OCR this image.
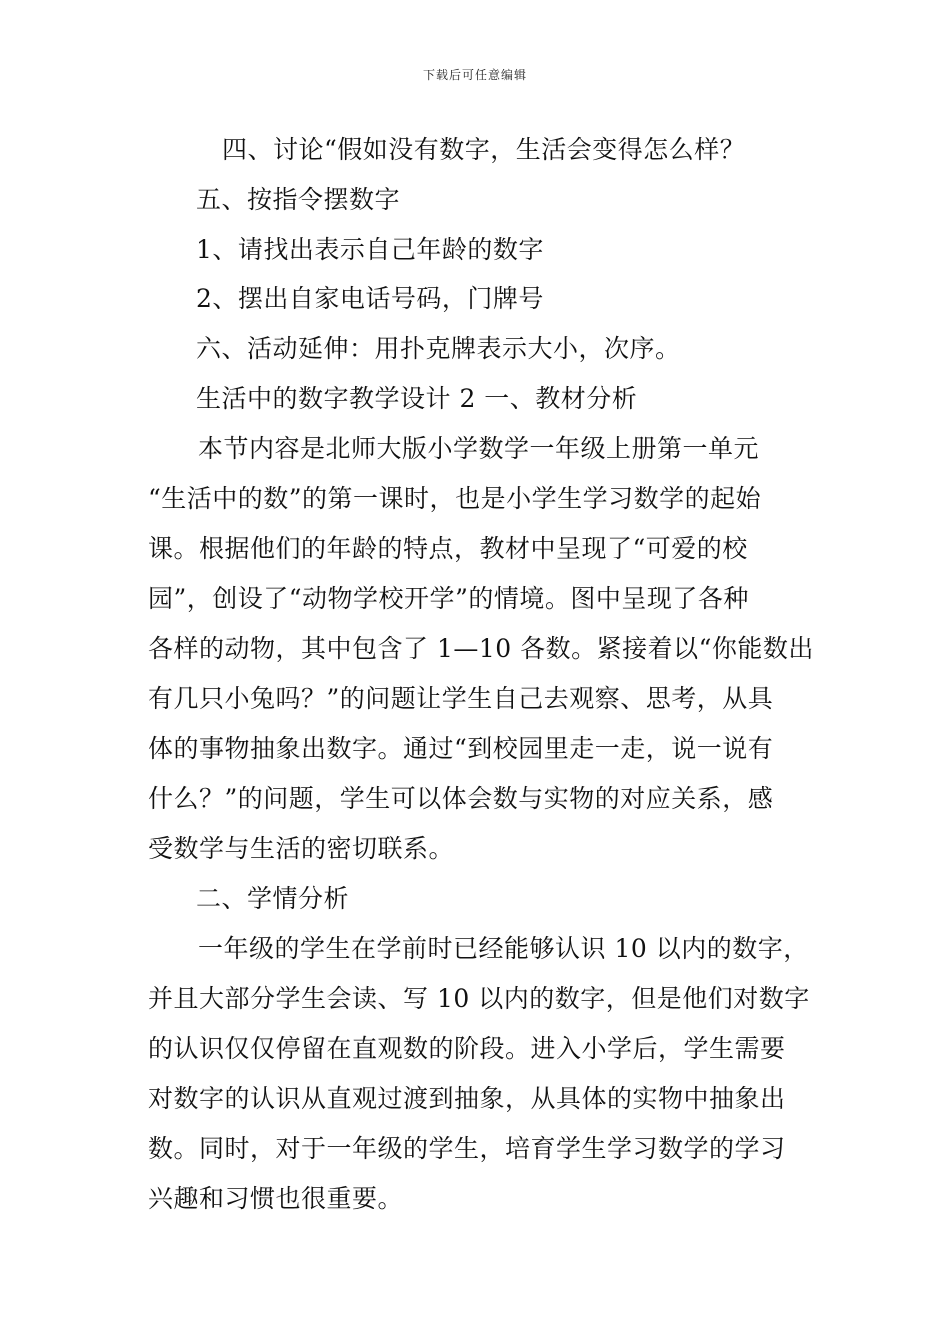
下载后可任意编辑
四、讨论“假如没有数字，生活会变得怎么样？
五、按指令摆数字
1、请找出表示自己年龄的数字
2、摆出自家电话号码，门牌号
六、活动延伸：用扑克牌表示大小，次序。
生活中的数字教学设计 2 一、教材分析
本节内容是北师大版小学数学一年级上册第一单元
“生活中的数”的第一课时，也是小学生学习数学的起始
课。根据他们的年龄的特点，教材中呈现了“可爱的校
园”，创设了“动物学校开学”的情境。图中呈现了各种
各样的动物，其中包含了 1—10 各数。紧接着以“你能数出
有几只小兔吗？”的问题让学生自己去观察、思考，从具
体的事物抽象出数字。通过“到校园里走一走，说一说有
什么？”的问题，学生可以体会数与实物的对应关系，感
受数学与生活的密切联系。
二、学情分析
一年级的学生在学前时已经能够认识 10 以内的数字，
并且大部分学生会读、写 10 以内的数字，但是他们对数字
的认识仅仅停留在直观数的阶段。进入小学后，学生需要
对数字的认识从直观过渡到抽象，从具体的实物中抽象出
数。同时，对于一年级的学生，培育学生学习数学的学习
兴趣和习惯也很重要。
